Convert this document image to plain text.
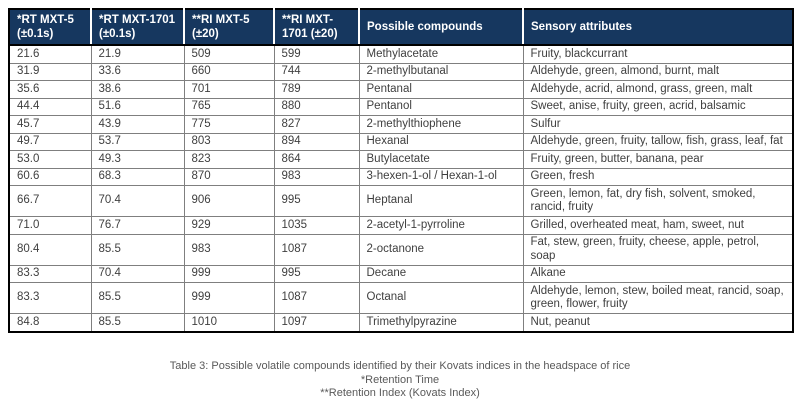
*RT MXT-5 (±0.1s)	*RT MXT-1701 (±0.1s)	**RI MXT-5 (±20)	**RI MXT-1701 (±20)	Possible compounds	Sensory attributes
21.6	21.9	509	599	Methylacetate	Fruity, blackcurrant
31.9	33.6	660	744	2-methylbutanal	Aldehyde, green, almond, burnt, malt
35.6	38.6	701	789	Pentanal	Aldehyde, acrid, almond, grass, green, malt
44.4	51.6	765	880	Pentanol	Sweet, anise, fruity, green, acrid, balsamic
45.7	43.9	775	827	2-methylthiophene	Sulfur
49.7	53.7	803	894	Hexanal	Aldehyde, green, fruity, tallow, fish, grass, leaf, fat
53.0	49.3	823	864	Butylacetate	Fruity, green, butter, banana, pear
60.6	68.3	870	983	3-hexen-1-ol / Hexan-1-ol	Green, fresh
66.7	70.4	906	995	Heptanal	Green, lemon, fat, dry fish, solvent, smoked, rancid, fruity
71.0	76.7	929	1035	2-acetyl-1-pyrroline	Grilled, overheated meat, ham, sweet, nut
80.4	85.5	983	1087	2-octanone	Fat, stew, green, fruity, cheese, apple, petrol, soap
83.3	70.4	999	995	Decane	Alkane
83.3	85.5	999	1087	Octanal	Aldehyde, lemon, stew, boiled meat, rancid, soap, green, flower, fruity
84.8	85.5	1010	1097	Trimethylpyrazine	Nut, peanut
Table 3: Possible volatile compounds identified by their Kovats indices in the headspace of rice
*Retention Time
**Retention Index (Kovats Index)
